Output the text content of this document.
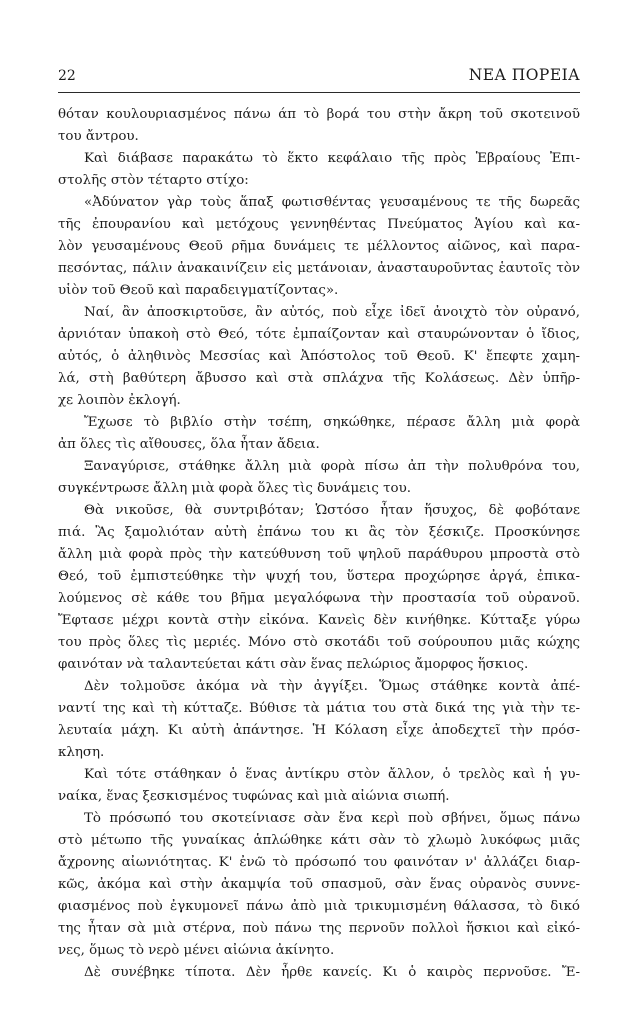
22	ΝΕΑ ΠΟΡΕΙΑ
θόταν κουλουριασμένος πάνω άπ τὸ βορά του στὴν ἄκρη τοῦ σκοτεινοῦ
του ἄντρου.
Καὶ διάβασε παρακάτω τὸ ἕκτο κεφάλαιο τῆς πρὸς Ἑβραίους Ἐπι-
στολῆς στὸν τέταρτο στίχο:
«Ἀδύνατον γὰρ τοὺς ἅπαξ φωτισθέντας γευσαμένους τε τῆς δωρεᾶς
τῆς ἐπουρανίου καὶ μετόχους γεννηθέντας Πνεύματος Ἁγίου καὶ κα-
λὸν γευσαμένους Θεοῦ ρῆμα δυνάμεις τε μέλλοντος αἰῶνος, καὶ παρα-
πεσόντας, πάλιν ἀνακαινίζειν εἰς μετάνοιαν, ἀνασταυροῦντας ἑαυτοῖς τὸν
υἱὸν τοῦ Θεοῦ καὶ παραδειγματίζοντας».
Ναί, ἂν ἀποσκιρτοῦσε, ἂν αὐτός, ποὺ εἶχε ἰδεῖ ἀνοιχτὸ τὸν οὐρανό,
ἀρνιόταν ὑπακοὴ στὸ Θεό, τότε ἐμπαίζονταν καὶ σταυρώνονταν ὁ ἴδιος,
αὐτός, ὁ ἀληθινὸς Μεσσίας καὶ Ἀπόστολος τοῦ Θεοῦ. Κ' ἔπεφτε χαμη-
λά, στὴ βαθύτερη ἄβυσσο καὶ στὰ σπλάχνα τῆς Κολάσεως. Δὲν ὑπῆρ-
χε λοιπὸν ἐκλογή.
Ἔχωσε τὸ βιβλίο στὴν τσέπη, σηκώθηκε, πέρασε ἄλλη μιὰ φορὰ
ἀπ ὅλες τὶς αἴθουσες, ὅλα ἦταν ἄδεια.
Ξαναγύρισε, στάθηκε ἄλλη μιὰ φορὰ πίσω ἀπ τὴν πολυθρόνα του,
συγκέντρωσε ἄλλη μιὰ φορὰ ὅλες τὶς δυνάμεις του.
Θὰ νικοῦσε, θὰ συντριβόταν; Ὡστόσο ἦταν ἥσυχος, δὲ φοβότανε
πιά. Ἂς ξαμολιόταν αὐτὴ ἐπάνω του κι ἂς τὸν ξέσκιζε. Προσκύνησε
ἄλλη μιὰ φορὰ πρὸς τὴν κατεύθυνση τοῦ ψηλοῦ παράθυρου μπροστὰ στὸ
Θεό, τοῦ ἐμπιστεύθηκε τὴν ψυχή του, ὕστερα προχώρησε ἀργά, ἐπικα-
λούμενος σὲ κάθε του βῆμα μεγαλόφωνα τὴν προστασία τοῦ οὐρανοῦ.
Ἔφτασε μέχρι κοντὰ στὴν εἰκόνα. Κανεὶς δὲν κινήθηκε. Κύτταξε γύρω
του πρὸς ὅλες τὶς μεριές. Μόνο στὸ σκοτάδι τοῦ σούρουπου μιᾶς κώχης
φαινόταν νὰ ταλαντεύεται κάτι σὰν ἕνας πελώριος ἄμορφος ἥσκιος.
Δὲν τολμοῦσε ἀκόμα νὰ τὴν ἀγγίξει. Ὅμως στάθηκε κοντὰ ἀπέ-
ναντί της καὶ τὴ κύτταζε. Βύθισε τὰ μάτια του στὰ δικά της γιὰ τὴν τε-
λευταία μάχη. Κι αὐτὴ ἀπάντησε. Ἡ Κόλαση εἶχε ἀποδεχτεῖ τὴν πρόσ-
κληση.
Καὶ τότε στάθηκαν ὁ ἕνας ἀντίκρυ στὸν ἄλλον, ὁ τρελὸς καὶ ἡ γυ-
ναίκα, ἕνας ξεσκισμένος τυφώνας καὶ μιὰ αἰώνια σιωπή.
Τὸ πρόσωπό του σκοτείνιασε σὰν ἕνα κερὶ ποὺ σβήνει, ὅμως πάνω
στὸ μέτωπο τῆς γυναίκας ἁπλώθηκε κάτι σὰν τὸ χλωμὸ λυκόφως μιᾶς
ἄχρονης αἰωνιότητας. Κ' ἐνῶ τὸ πρόσωπό του φαινόταν ν' ἀλλάζει διαρ-
κῶς, ἀκόμα καὶ στὴν ἀκαμψία τοῦ σπασμοῦ, σὰν ἕνας οὐρανὸς συννε-
φιασμένος ποὺ ἐγκυμονεῖ πάνω ἀπὸ μιὰ τρικυμισμένη θάλασσα, τὸ δικό
της ἦταν σὰ μιὰ στέρνα, ποὺ πάνω της περνοῦν πολλοὶ ἥσκιοι καὶ εἰκό-
νες, ὅμως τὸ νερὸ μένει αἰώνια ἀκίνητο.
Δὲ συνέβηκε τίποτα. Δὲν ἦρθε κανείς. Κι ὁ καιρὸς περνοῦσε. Ἔ-
